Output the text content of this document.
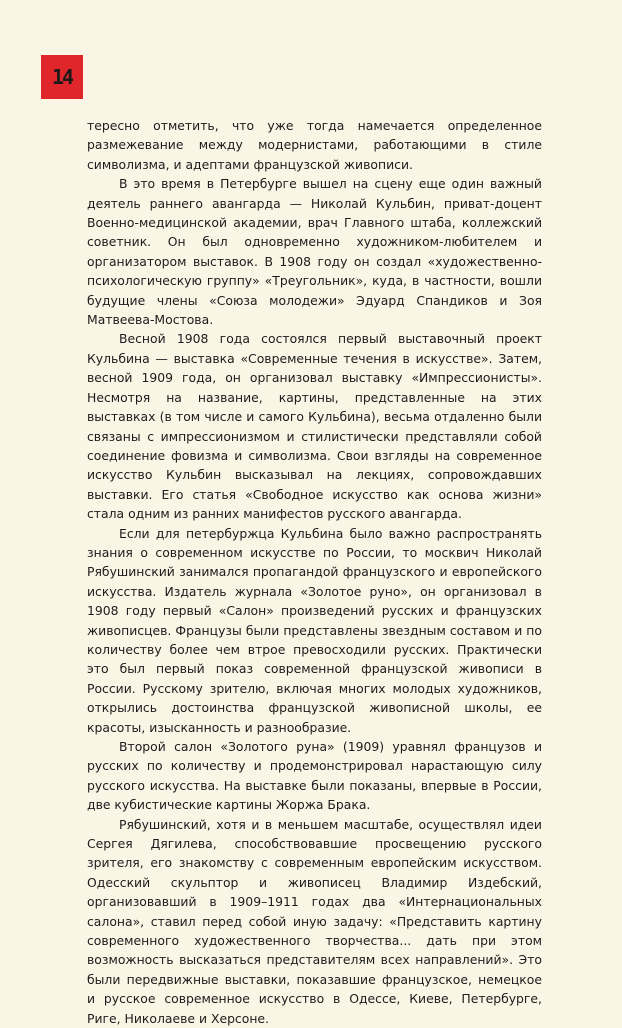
14

тересно отметить, что уже тогда намечается определенное размежевание между модернистами, работающими в стиле символизма, и адептами французской живописи.

В это время в Петербурге вышел на сцену еще один важный деятель раннего авангарда — Николай Кульбин, приват-доцент Военно-медицинской академии, врач Главного штаба, коллежский советник. Он был одновременно художником-любителем и организатором выставок. В 1908 году он создал «художественно-психологическую группу» «Треугольник», куда, в частности, вошли будущие члены «Союза молодежи» Эдуард Спандиков и Зоя Матвеева-Мостова.

Весной 1908 года состоялся первый выставочный проект Кульбина — выставка «Современные течения в искусстве». Затем, весной 1909 года, он организовал выставку «Импрессионисты». Несмотря на название, картины, представленные на этих выставках (в том числе и самого Кульбина), весьма отдаленно были связаны с импрессионизмом и стилистически представляли собой соединение фовизма и символизма. Свои взгляды на современное искусство Кульбин высказывал на лекциях, сопровождавших выставки. Его статья «Свободное искусство как основа жизни» стала одним из ранних манифестов русского авангарда.

Если для петербуржца Кульбина было важно распространять знания о современном искусстве по России, то москвич Николай Рябушинский занимался пропагандой французского и европейского искусства. Издатель журнала «Золотое руно», он организовал в 1908 году первый «Салон» произведений русских и французских живописцев. Французы были представлены звездным составом и по количеству более чем втрое превосходили русских. Практически это был первый показ современной французской живописи в России. Русскому зрителю, включая многих молодых художников, открылись достоинства французской живописной школы, ее красоты, изысканность и разнообразие.

Второй салон «Золотого руна» (1909) уравнял французов и русских по количеству и продемонстрировал нарастающую силу русского искусства. На выставке были показаны, впервые в России, две кубистические картины Жоржа Брака.

Рябушинский, хотя и в меньшем масштабе, осуществлял идеи Сергея Дягилева, способствовавшие просвещению русского зрителя, его знакомству с современным европейским искусством. Одесский скульптор и живописец Владимир Издебский, организовавший в 1909–1911 годах два «Интернациональных салона», ставил перед собой иную задачу: «Представить картину современного художественного творчества... дать при этом возможность высказаться представителям всех направлений». Это были передвижные выставки, показавшие французское, немецкое и русское современное искусство в Одессе, Киеве, Петербурге, Риге, Николаеве и Херсоне.
